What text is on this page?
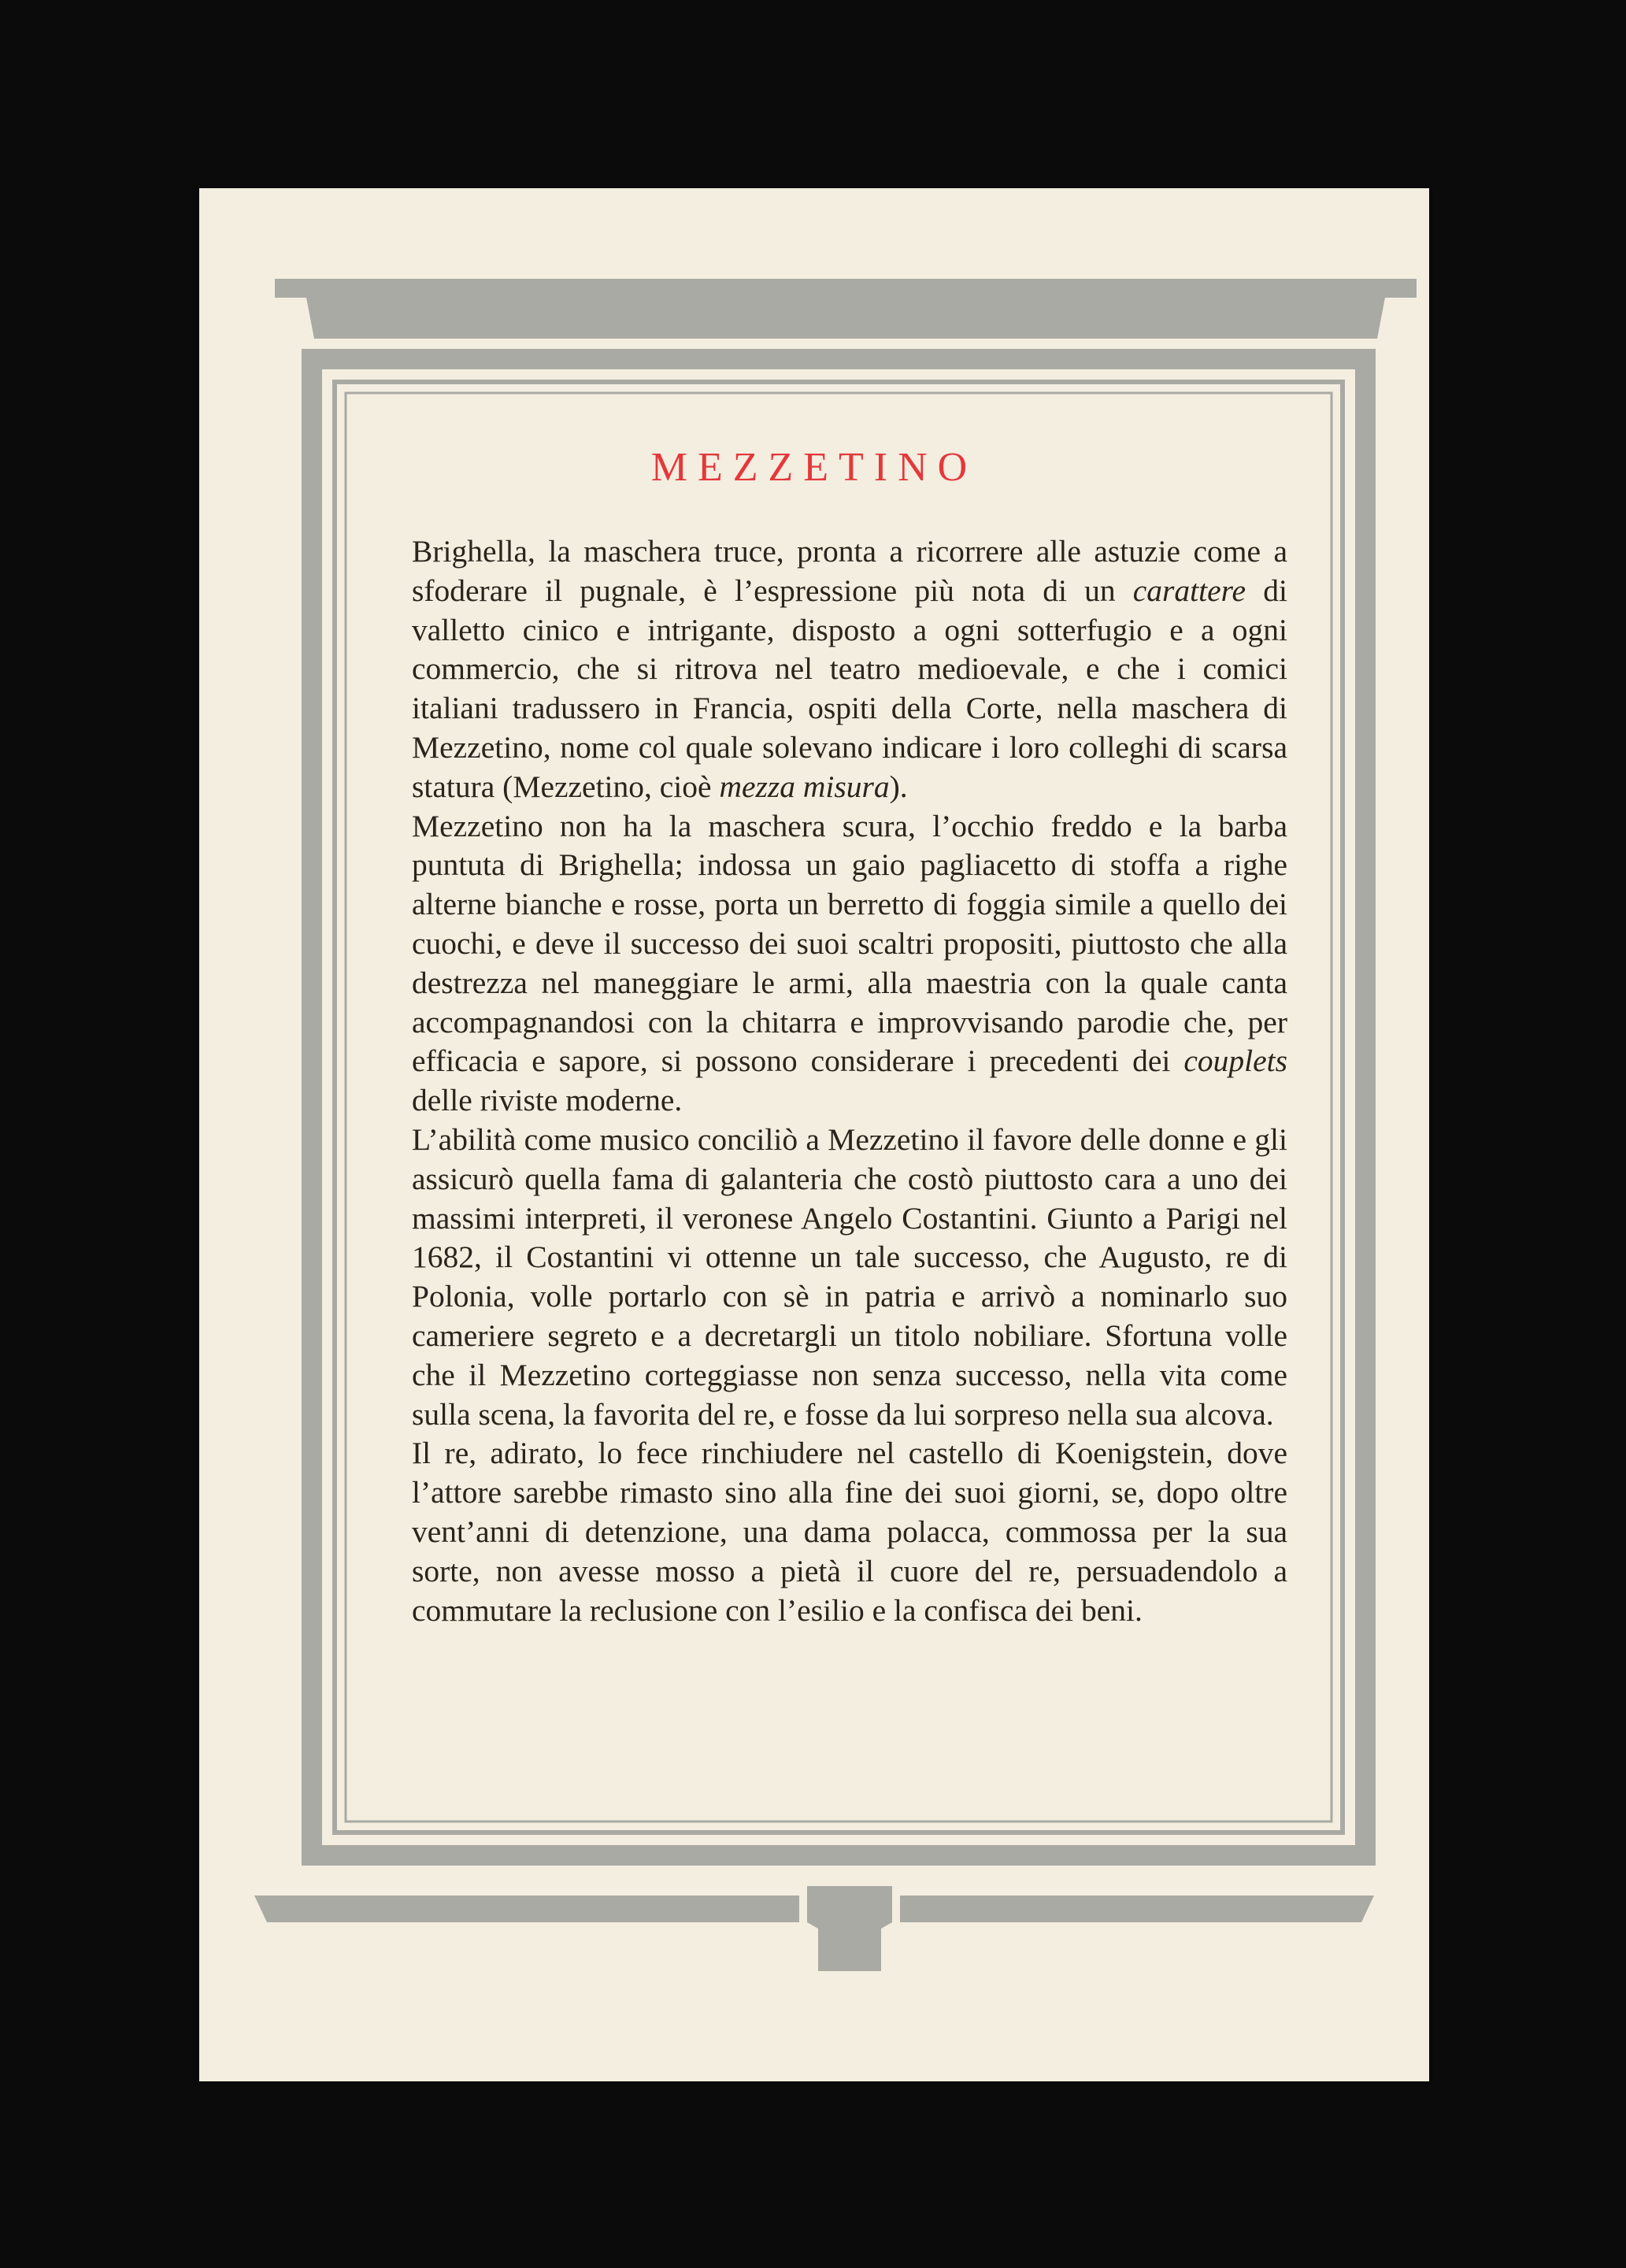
MEZZETINO

Brighella, la maschera truce, pronta a ricorrere alle astuzie come a sfoderare il pugnale, è l’espressione più nota di un carattere di valletto cinico e intrigante, disposto a ogni sotterfugio e a ogni commercio, che si ritrova nel teatro medioevale, e che i comici italiani tradussero in Francia, ospiti della Corte, nella maschera di Mezzetino, nome col quale solevano indicare i loro colleghi di scarsa statura (Mezzetino, cioè mezza misura).

Mezzetino non ha la maschera scura, l’occhio freddo e la barba puntuta di Brighella; indossa un gaio pagliacetto di stoffa a righe alterne bianche e rosse, porta un berretto di foggia simile a quello dei cuochi, e deve il successo dei suoi scaltri propositi, piuttosto che alla destrezza nel maneggiare le armi, alla maestria con la quale canta accompagnandosi con la chitarra e improvvisando parodie che, per efficacia e sapore, si possono considerare i precedenti dei couplets delle riviste moderne.

L’abilità come musico conciliò a Mezzetino il favore delle donne e gli assicurò quella fama di galanteria che costò piuttosto cara a uno dei massimi interpreti, il veronese Angelo Costantini. Giunto a Parigi nel 1682, il Costantini vi ottenne un tale successo, che Augusto, re di Polonia, volle portarlo con sè in patria e arrivò a nominarlo suo cameriere segreto e a decretargli un titolo nobiliare. Sfortuna volle che il Mezzetino corteggiasse non senza successo, nella vita come sulla scena, la favorita del re, e fosse da lui sorpreso nella sua alcova.

Il re, adirato, lo fece rinchiudere nel castello di Koenigstein, dove l’attore sarebbe rimasto sino alla fine dei suoi giorni, se, dopo oltre vent’anni di detenzione, una dama polacca, commossa per la sua sorte, non avesse mosso a pietà il cuore del re, persuadendolo a commutare la reclusione con l’esilio e la confisca dei beni.
